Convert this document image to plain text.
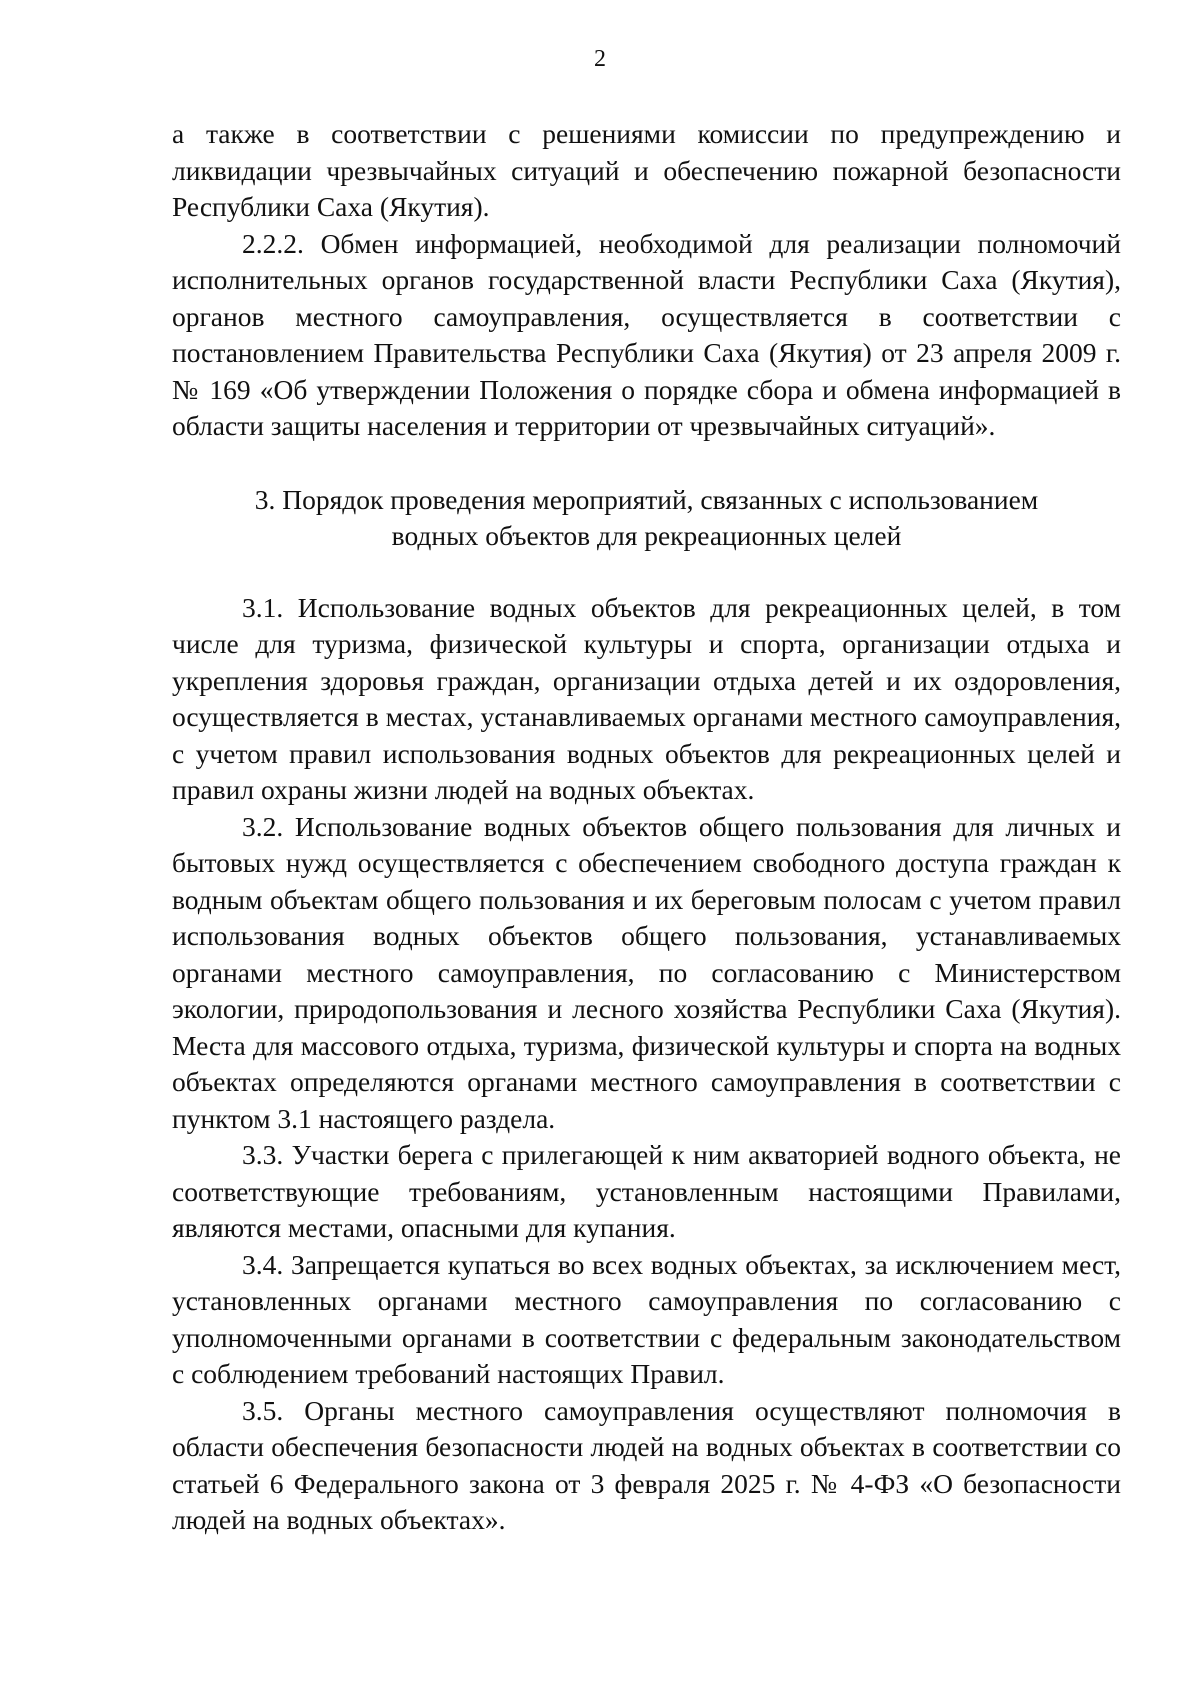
2

а также в соответствии с решениями комиссии по предупреждению и ликвидации чрезвычайных ситуаций и обеспечению пожарной безопасности Республики Саха (Якутия).

2.2.2. Обмен информацией, необходимой для реализации полномочий исполнительных органов государственной власти Республики Саха (Якутия), органов местного самоуправления, осуществляется в соответствии с постановлением Правительства Республики Саха (Якутия) от 23 апреля 2009 г. № 169 «Об утверждении Положения о порядке сбора и обмена информацией в области защиты населения и территории от чрезвычайных ситуаций».

3. Порядок проведения мероприятий, связанных с использованием
водных объектов для рекреационных целей

3.1. Использование водных объектов для рекреационных целей, в том числе для туризма, физической культуры и спорта, организации отдыха и укрепления здоровья граждан, организации отдыха детей и их оздоровления, осуществляется в местах, устанавливаемых органами местного самоуправления, с учетом правил использования водных объектов для рекреационных целей и правил охраны жизни людей на водных объектах.

3.2. Использование водных объектов общего пользования для личных и бытовых нужд осуществляется с обеспечением свободного доступа граждан к водным объектам общего пользования и их береговым полосам с учетом правил использования водных объектов общего пользования, устанавливаемых органами местного самоуправления, по согласованию с Министерством экологии, природопользования и лесного хозяйства Республики Саха (Якутия). Места для массового отдыха, туризма, физической культуры и спорта на водных объектах определяются органами местного самоуправления в соответствии с пунктом 3.1 настоящего раздела.

3.3. Участки берега с прилегающей к ним акваторией водного объекта, не соответствующие требованиям, установленным настоящими Правилами, являются местами, опасными для купания.

3.4. Запрещается купаться во всех водных объектах, за исключением мест, установленных органами местного самоуправления по согласованию с уполномоченными органами в соответствии с федеральным законодательством с соблюдением требований настоящих Правил.

3.5. Органы местного самоуправления осуществляют полномочия в области обеспечения безопасности людей на водных объектах в соответствии со статьей 6 Федерального закона от 3 февраля 2025 г. № 4-ФЗ «О безопасности людей на водных объектах».
